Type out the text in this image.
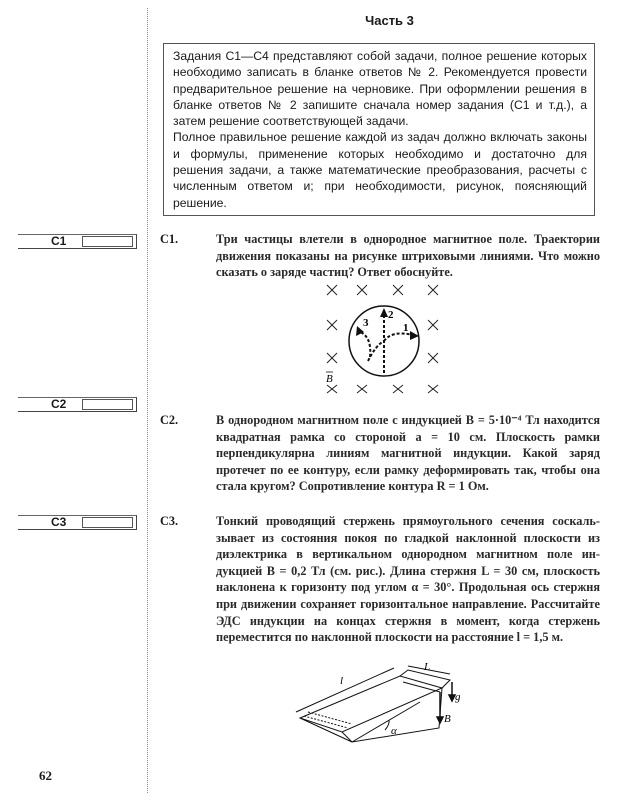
Часть 3

Задания С1—С4 представляют собой задачи, полное решение которых необходимо записать в бланке ответов № 2. Рекомендуется провести предварительное решение на черновике. При оформлении решения в бланке ответов № 2 запишите сначала номер задания (С1 и т.д.), а затем решение соответствующей задачи.

Полное правильное решение каждой из задач должно включать законы и формулы, применение которых необходимо и достаточно для решения задачи, а также математические преобразования, расчеты с численным ответом и; при необходимости, рисунок, поясняющий решение.

C1
C2
C3
С1.	Три частицы влетели в однородное магнитное поле. Траектории движения показаны на рисунке штриховыми линиями. Что можно сказать о заряде частиц? Ответ обоснуйте.
1
2
3
B
С2.	В однородном магнитном поле с индукцией B = 5·10⁻⁴ Тл находится квадратная рамка со стороной a = 10 см. Плоскость рамки перпендикулярна линиям магнитной индукции. Какой заряд протечет по ее контуру, если рамку деформировать так, чтобы она стала кругом? Сопротивление контура R = 1 Ом.
С3.	Тонкий проводящий стержень прямоугольного сечения соскальзывает из состояния покоя по гладкой наклонной плоскости из диэлектрика в вертикальном однородном магнитном поле индукцией B = 0,2 Тл (см. рис.). Длина стержня L = 30 см, плоскость наклонена к горизонту под углом α = 30°. Продольная ось стержня при движении сохраняет горизонтальное направление. Рассчитайте ЭДС индукции на концах стержня в момент, когда стержень переместится по наклонной плоскости на расстояние l = 1,5 м.
L
l
α
g
B
62
